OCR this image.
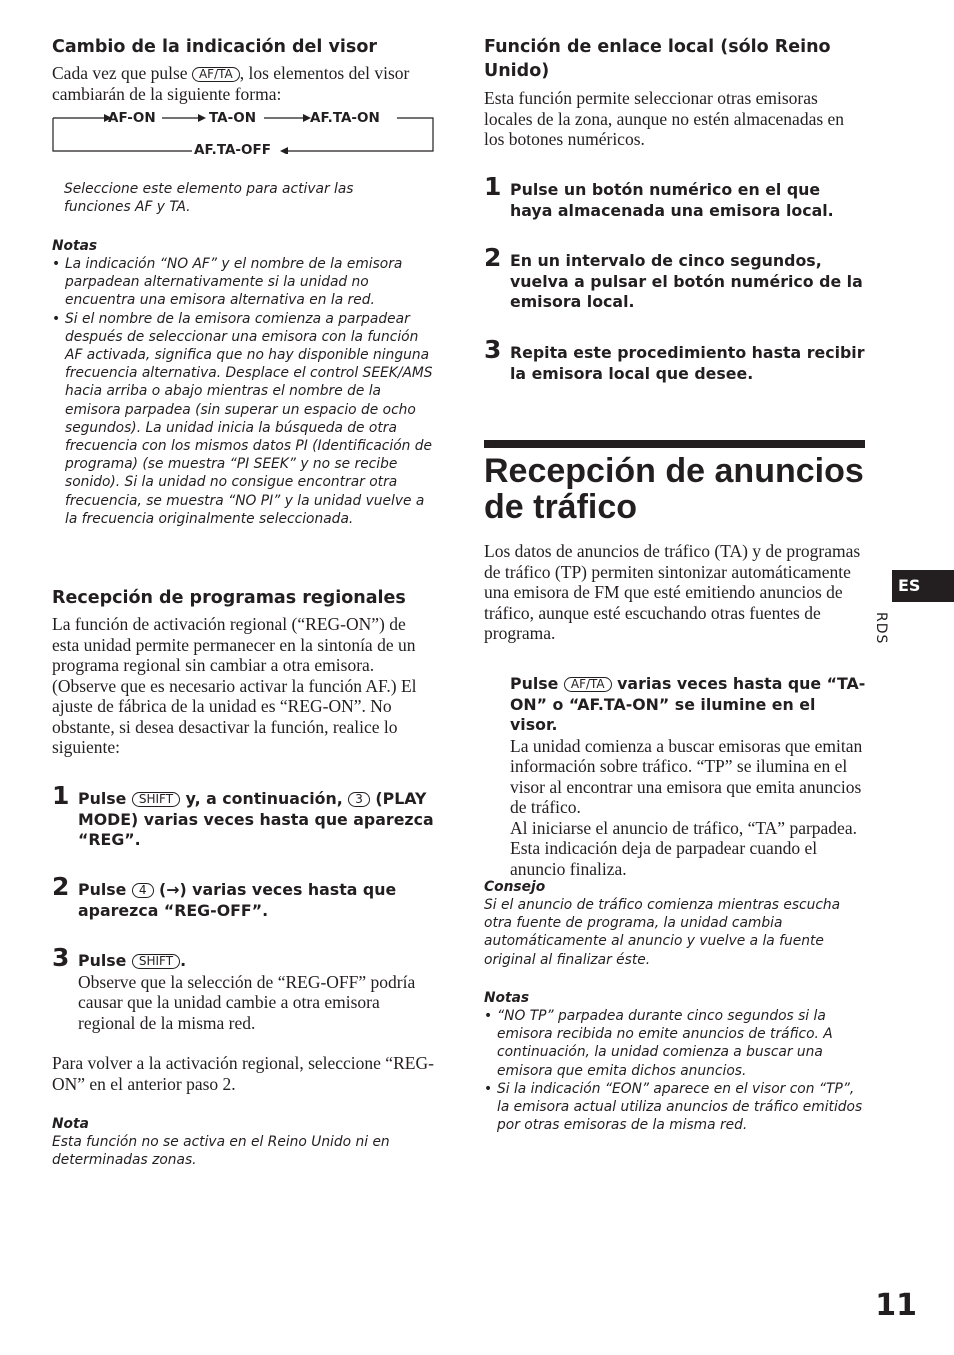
Cambio de la indicación del visor

Cada vez que pulse AF/TA , los elementos del visor cambiarán de la siguiente forma:

AF-ON	TA-ON	AF.TA-ON
AF.TA-OFF

Seleccione este elemento para activar las funciones AF y TA.

Notas

• La indicación “NO AF” y el nombre de la emisora parpadean alternativamente si la unidad no encuentra una emisora alternativa en la red.
• Si el nombre de la emisora comienza a parpadear después de seleccionar una emisora con la función AF activada, significa que no hay disponible ninguna frecuencia alternativa. Desplace el control SEEK/AMS hacia arriba o abajo mientras el nombre de la emisora parpadea (sin superar un espacio de ocho segundos). La unidad inicia la búsqueda de otra frecuencia con los mismos datos PI (Identificación de programa) (se muestra “PI SEEK” y no se recibe sonido). Si la unidad no consigue encontrar otra frecuencia, se muestra “NO PI” y la unidad vuelve a la frecuencia originalmente seleccionada.
Recepción de programas regionales

La función de activación regional (“REG-ON”) de esta unidad permite permanecer en la sintonía de un programa regional sin cambiar a otra emisora. (Observe que es necesario activar la función AF.) El ajuste de fábrica de la unidad es “REG-ON”. No obstante, si desea desactivar la función, realice lo siguiente:

1 Pulse SHIFT y, a continuación, 3 (PLAY MODE) varias veces hasta que aparezca “REG”.
2 Pulse 4 (→) varias veces hasta que aparezca “REG-OFF”.
3 Pulse SHIFT .
Observe que la selección de “REG-OFF” podría causar que la unidad cambie a otra emisora regional de la misma red.

Para volver a la activación regional, seleccione “REG-ON” en el anterior paso 2.

Nota

Esta función no se activa en el Reino Unido ni en determinadas zonas.

Función de enlace local (sólo Reino Unido)

Esta función permite seleccionar otras emisoras locales de la zona, aunque no estén almacenadas en los botones numéricos.

1 Pulse un botón numérico en el que haya almacenada una emisora local.
2 En un intervalo de cinco segundos, vuelva a pulsar el botón numérico de la emisora local.
3 Repita este procedimiento hasta recibir la emisora local que desee.
Recepción de anuncios de tráfico

Los datos de anuncios de tráfico (TA) y de programas de tráfico (TP) permiten sintonizar automáticamente una emisora de FM que esté emitiendo anuncios de tráfico, aunque esté escuchando otras fuentes de programa.

Pulse AF/TA varias veces hasta que “TA-ON” o “AF.TA-ON” se ilumine en el visor.
La unidad comienza a buscar emisoras que emitan información sobre tráfico. “TP” se ilumina en el visor al encontrar una emisora que emita anuncios de tráfico.
Al iniciarse el anuncio de tráfico, “TA” parpadea. Esta indicación deja de parpadear cuando el anuncio finaliza.

Consejo

Si el anuncio de tráfico comienza mientras escucha otra fuente de programa, la unidad cambia automáticamente al anuncio y vuelve a la fuente original al finalizar éste.

Notas

• “NO TP” parpadea durante cinco segundos si la emisora recibida no emite anuncios de tráfico. A continuación, la unidad comienza a buscar una emisora que emita dichos anuncios.
• Si la indicación “EON” aparece en el visor con “TP”, la emisora actual utiliza anuncios de tráfico emitidos por otras emisoras de la misma red.
ES
RDS
11
